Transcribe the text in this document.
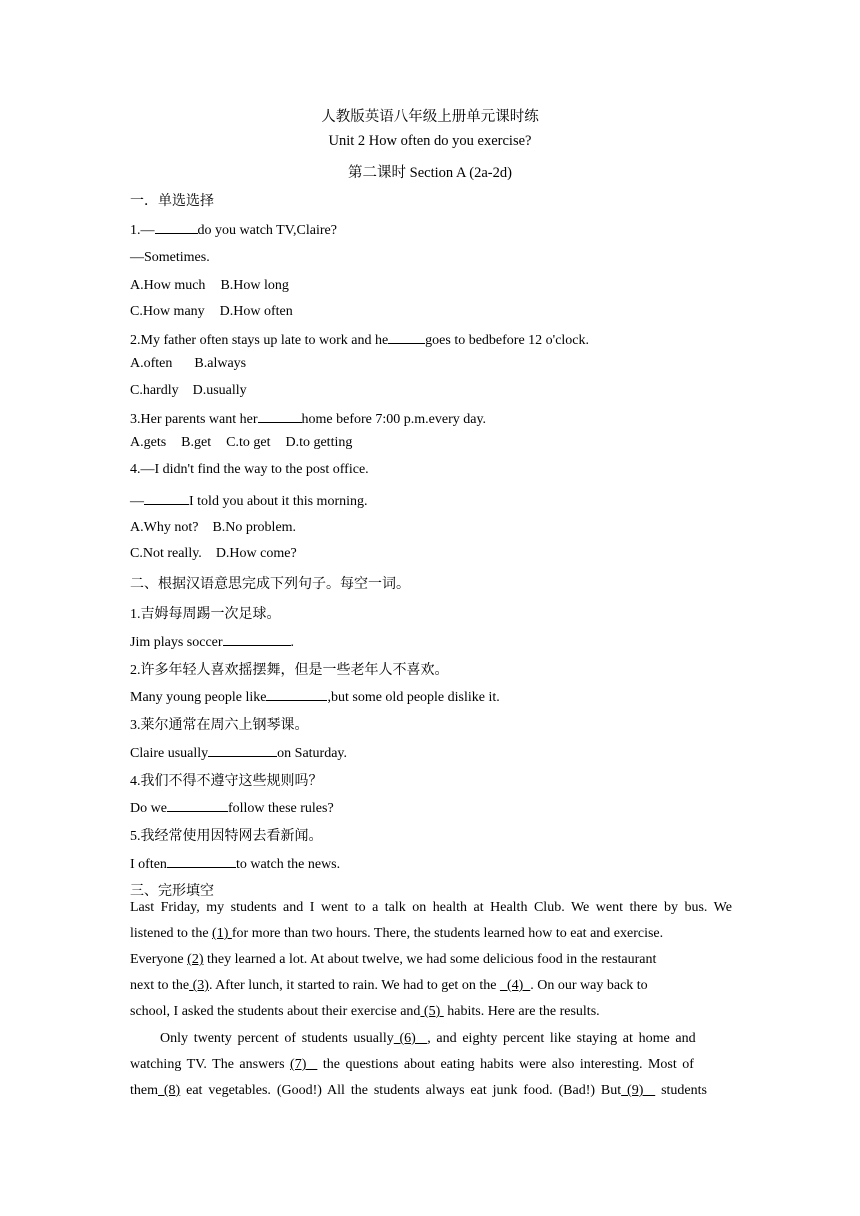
人教版英语八年级上册单元课时练
Unit 2 How often do you exercise?
第二课时 Section A (2a-2d)
一．单选选择
1.—	do you watch TV,Claire?
—Sometimes.
A.How much B.How long
C.How many D.How often
2.My father often stays up late to work and he	goes to bedbefore 12 o'clock.
A.often B.always
C.hardly D.usually
3.Her parents want her	home before 7:00 p.m.every day.
A.gets B.get C.to get D.to getting
4.—I didn't find the way to the post office.
—	I told you about it this morning.
A.Why not? B.No problem.
C.Not really. D.How come?
二、根据汉语意思完成下列句子。每空一词。
1.吉姆每周踢一次足球。
Jim plays soccer	.
2.许多年轻人喜欢摇摆舞，但是一些老年人不喜欢。
Many young people like	,but some old people dislike it.
3.莱尔通常在周六上钢琴课。
Claire usually	on Saturday.
4.我们不得不遵守这些规则吗？
Do we	follow these rules?
5.我经常使用因特网去看新闻。
I often	to watch the news.
三、完形填空
Last Friday, my students and I went to a talk on health at Health Club. We went there by bus. We
listened to the (1) for more than two hours. There, the students learned how to eat and exercise.
Everyone (2) they learned a lot. At about twelve, we had some delicious food in the restaurant
next to the (3). After lunch, it started to rain. We had to get on the   (4)  . On our way back to
school, I asked the students about their exercise and (5)  habits. Here are the results.
Only twenty percent of students usually (6)  , and eighty percent like staying at home and
watching TV. The answers (7)   the questions about eating habits were also interesting. Most of
them (8) eat vegetables. (Good!) All the students always eat junk food. (Bad!) But (9)   students
